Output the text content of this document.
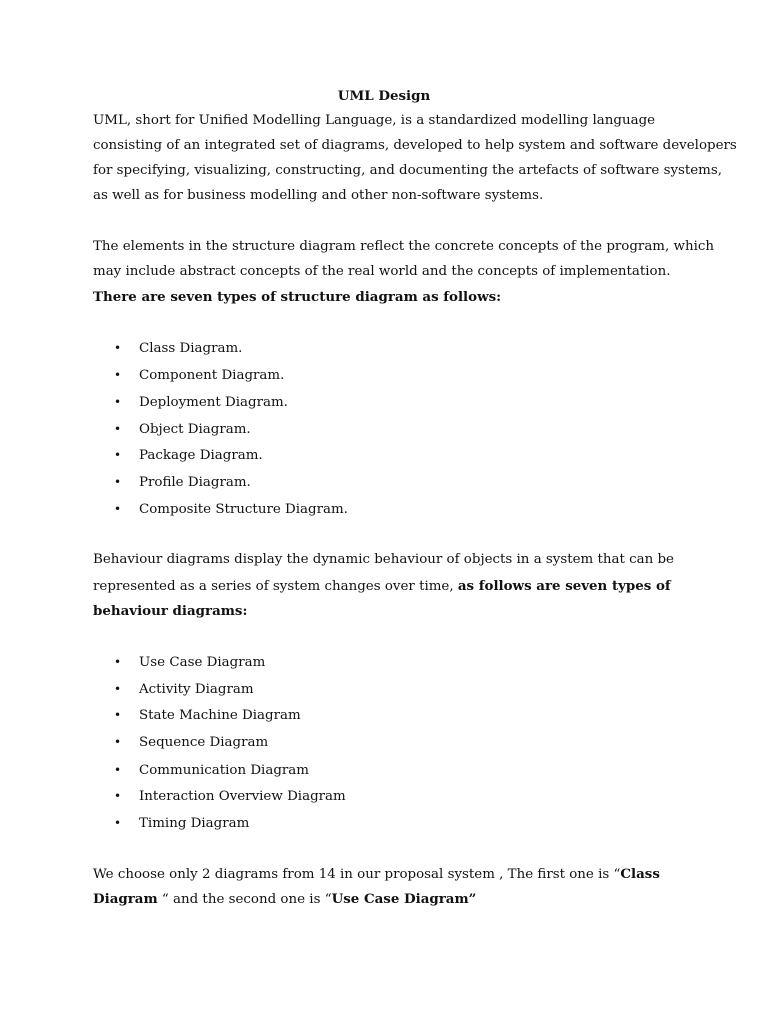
UML Design
UML, short for Unified Modelling Language, is a standardized modelling language
consisting of an integrated set of diagrams, developed to help system and software developers
for specifying, visualizing, constructing, and documenting the artefacts of software systems,
as well as for business modelling and other non-software systems.
The elements in the structure diagram reflect the concrete concepts of the program, which
may include abstract concepts of the real world and the concepts of implementation.
There are seven types of structure diagram as follows:
• Class Diagram.
• Component Diagram.
• Deployment Diagram.
• Object Diagram.
• Package Diagram.
• Profile Diagram.
• Composite Structure Diagram.
Behaviour diagrams display the dynamic behaviour of objects in a system that can be
represented as a series of system changes over time, as follows are seven types of
behaviour diagrams:
• Use Case Diagram
• Activity Diagram
• State Machine Diagram
• Sequence Diagram
• Communication Diagram
• Interaction Overview Diagram
• Timing Diagram
We choose only 2 diagrams from 14 in our proposal system , The first one is “Class
Diagram “ and the second one is “Use Case Diagram”
